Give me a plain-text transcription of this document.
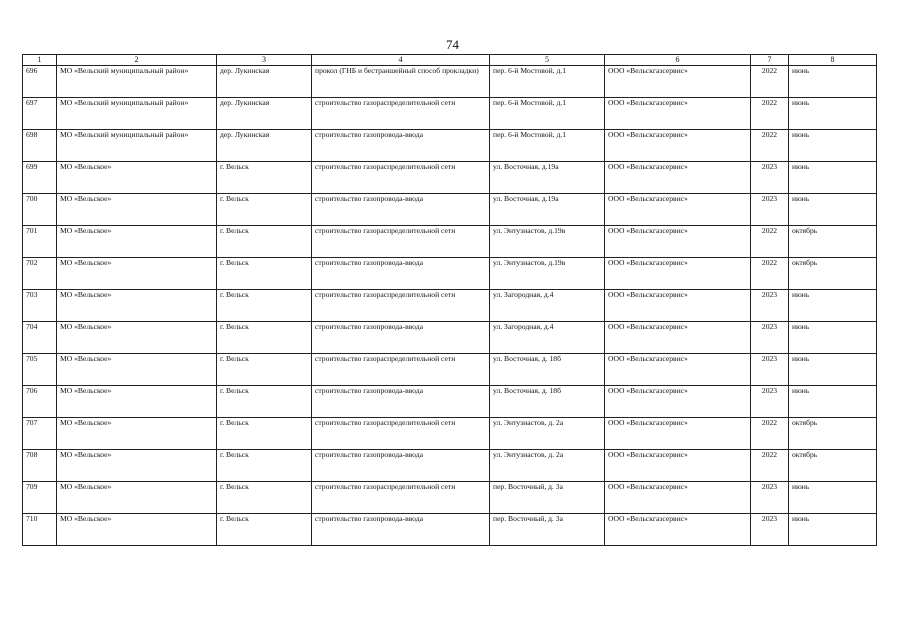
74
1	2	3	4	5	6	7	8
696	МО «Вельский муниципальный район»	дер. Лукинская	прокол (ГНБ и бестраншейный способ прокладки)	пер. 6-й Мостовой, д.1	ООО «Вельскгазсервис»	2022	июнь
697	МО «Вельский муниципальный район»	дер. Лукинская	строительство газораспределительной сети	пер. 6-й Мостовой, д.1	ООО «Вельскгазсервис»	2022	июнь
698	МО «Вельский муниципальный район»	дер. Лукинская	строительство газопровода-ввода	пер. 6-й Мостовой, д.1	ООО «Вельскгазсервис»	2022	июнь
699	МО «Вельское»	г. Вельск	строительство газораспределительной сети	ул. Восточная, д.19а	ООО «Вельскгазсервис»	2023	июнь
700	МО «Вельское»	г. Вельск	строительство газопровода-ввода	ул. Восточная, д.19а	ООО «Вельскгазсервис»	2023	июнь
701	МО «Вельское»	г. Вельск	строительство газораспределительной сети	ул. Энтузиастов, д.19в	ООО «Вельскгазсервис»	2022	октябрь
702	МО «Вельское»	г. Вельск	строительство газопровода-ввода	ул. Энтузиастов, д.19в	ООО «Вельскгазсервис»	2022	октябрь
703	МО «Вельское»	г. Вельск	строительство газораспределительной сети	ул. Загородная, д.4	ООО «Вельскгазсервис»	2023	июнь
704	МО «Вельское»	г. Вельск	строительство газопровода-ввода	ул. Загородная, д.4	ООО «Вельскгазсервис»	2023	июнь
705	МО «Вельское»	г. Вельск	строительство газораспределительной сети	ул. Восточная, д. 18б	ООО «Вельскгазсервис»	2023	июнь
706	МО «Вельское»	г. Вельск	строительство газопровода-ввода	ул. Восточная, д. 18б	ООО «Вельскгазсервис»	2023	июнь
707	МО «Вельское»	г. Вельск	строительство газораспределительной сети	ул. Энтузиастов, д. 2а	ООО «Вельскгазсервис»	2022	октябрь
708	МО «Вельское»	г. Вельск	строительство газопровода-ввода	ул. Энтузиастов, д. 2а	ООО «Вельскгазсервис»	2022	октябрь
709	МО «Вельское»	г. Вельск	строительство газораспределительной сети	пер. Восточный, д. 3а	ООО «Вельскгазсервис»	2023	июнь
710	МО «Вельское»	г. Вельск	строительство газопровода-ввода	пер. Восточный, д. 3а	ООО «Вельскгазсервис»	2023	июнь
